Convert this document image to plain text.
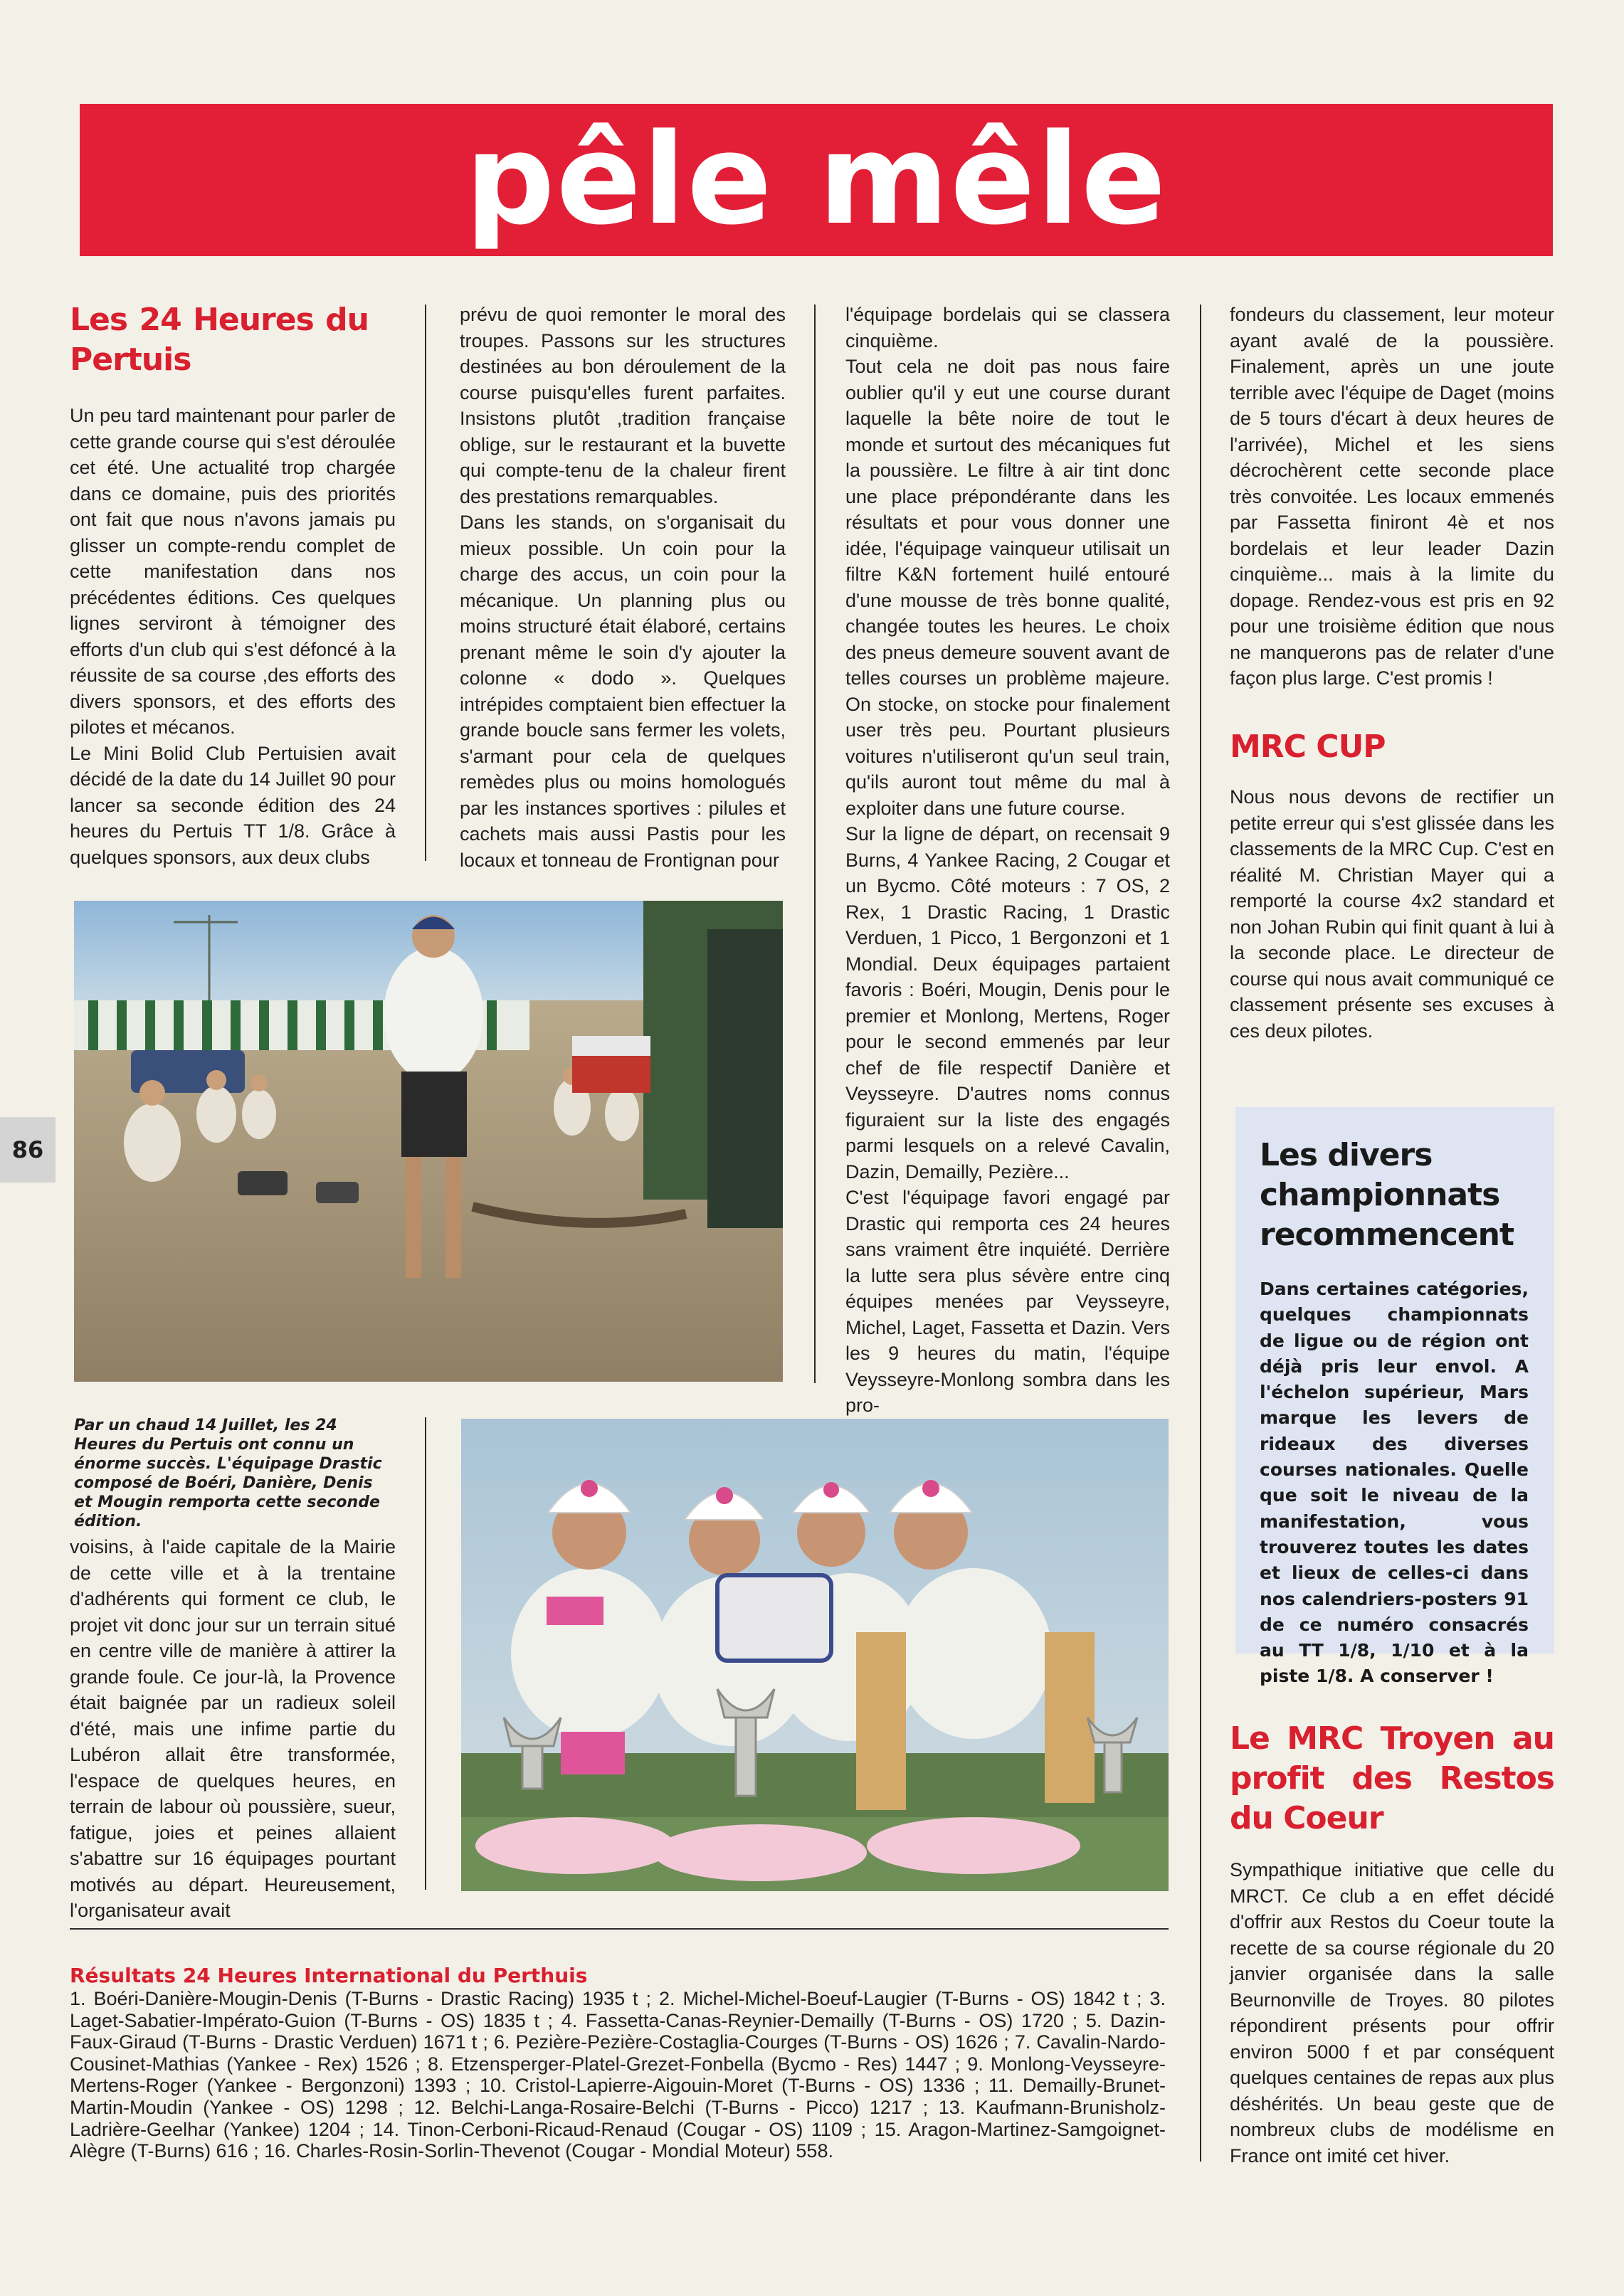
pêle mêle
86
Les 24 Heures du Pertuis

Un peu tard maintenant pour parler de cette grande course qui s'est déroulée cet été. Une actualité trop chargée dans ce domaine, puis des priorités ont fait que nous n'avons jamais pu glisser un compte-rendu complet de cette manifestation dans nos précédentes éditions. Ces quelques lignes serviront à témoigner des efforts d'un club qui s'est défoncé à la réussite de sa course ,des efforts des divers sponsors, et des efforts des pilotes et mécanos.

Le Mini Bolid Club Pertuisien avait décidé de la date du 14 Juillet 90 pour lancer sa seconde édition des 24 heures du Pertuis TT 1/8. Grâce à quelques sponsors, aux deux clubs

prévu de quoi remonter le moral des troupes. Passons sur les structures destinées au bon déroulement de la course puisqu'elles furent parfaites. Insistons plutôt ,tradition française oblige, sur le restaurant et la buvette qui compte-tenu de la chaleur firent des prestations remarquables.

Dans les stands, on s'organisait du mieux possible. Un coin pour la charge des accus, un coin pour la mécanique. Un planning plus ou moins structuré était élaboré, certains prenant même le soin d'y ajouter la colonne « dodo ». Quelques intrépides comptaient bien effectuer la grande boucle sans fermer les volets, s'armant pour cela de quelques remèdes plus ou moins homologués par les instances sportives : pilules et cachets mais aussi Pastis pour les locaux et tonneau de Frontignan pour

l'équipage bordelais qui se classera cinquième.

Tout cela ne doit pas nous faire oublier qu'il y eut une course durant laquelle la bête noire de tout le monde et surtout des mécaniques fut la poussière. Le filtre à air tint donc une place prépondérante dans les résultats et pour vous donner une idée, l'équipage vainqueur utilisait un filtre K&N fortement huilé entouré d'une mousse de très bonne qualité, changée toutes les heures. Le choix des pneus demeure souvent avant de telles courses un problème majeure. On stocke, on stocke pour finalement user très peu. Pourtant plusieurs voitures n'utiliseront qu'un seul train, qu'ils auront tout même du mal à exploiter dans une future course.

Sur la ligne de départ, on recensait 9 Burns, 4 Yankee Racing, 2 Cougar et un Bycmo. Côté moteurs : 7 OS, 2 Rex, 1 Drastic Racing, 1 Drastic Verduen, 1 Picco, 1 Bergonzoni et 1 Mondial. Deux équipages partaient favoris : Boéri, Mougin, Denis pour le premier et Monlong, Mertens, Roger pour le second emmenés par leur chef de file respectif Danière et Veysseyre. D'autres noms connus figuraient sur la liste des engagés parmi lesquels on a relevé Cavalin, Dazin, Demailly, Pezière...

C'est l'équipage favori engagé par Drastic qui remporta ces 24 heures sans vraiment être inquiété. Derrière la lutte sera plus sévère entre cinq équipes menées par Veysseyre, Michel, Laget, Fassetta et Dazin. Vers les 9 heures du matin, l'équipe Veysseyre-Monlong sombra dans les pro-

fondeurs du classement, leur moteur ayant avalé de la poussière. Finalement, après un une joute terrible avec l'équipe de Daget (moins de 5 tours d'écart à deux heures de l'arrivée), Michel et les siens décrochèrent cette seconde place très convoitée. Les locaux emmenés par Fassetta finiront 4è et nos bordelais et leur leader Dazin cinquième... mais à la limite du dopage. Rendez-vous est pris en 92 pour une troisième édition que nous ne manquerons pas de relater d'une façon plus large. C'est promis !

MRC CUP

Nous nous devons de rectifier un petite erreur qui s'est glissée dans les classements de la MRC Cup. C'est en réalité M. Christian Mayer qui a remporté la course 4x2 standard et non Johan Rubin qui finit quant à lui à la seconde place. Le directeur de course qui nous avait communiqué ce classement présente ses excuses à ces deux pilotes.

Par un chaud 14 Juillet, les 24 Heures du Pertuis ont connu un énorme succès. L'équipage Drastic composé de Boéri, Danière, Denis et Mougin remporta cette seconde édition.

voisins, à l'aide capitale de la Mairie de cette ville et à la trentaine d'adhérents qui forment ce club, le projet vit donc jour sur un terrain situé en centre ville de manière à attirer la grande foule. Ce jour-là, la Provence était baignée par un radieux soleil d'été, mais une infime partie du Lubéron allait être transformée, l'espace de quelques heures, en terrain de labour où poussière, sueur, fatigue, joies et peines allaient s'abattre sur 16 équipages pourtant motivés au départ. Heureusement, l'organisateur avait

Résultats 24 Heures International du Perthuis

1. Boéri-Danière-Mougin-Denis (T-Burns - Drastic Racing) 1935 t ; 2. Michel-Michel-Boeuf-Laugier (T-Burns - OS) 1842 t ; 3. Laget-Sabatier-Impérato-Guion (T-Burns - OS) 1835 t ; 4. Fassetta-Canas-Reynier-Demailly (T-Burns - OS) 1720 ; 5. Dazin-Faux-Giraud (T-Burns - Drastic Verduen) 1671 t ; 6. Pezière-Pezière-Costaglia-Courges (T-Burns - OS) 1626 ; 7. Cavalin-Nardo-Cousinet-Mathias (Yankee - Rex) 1526 ; 8. Etzensperger-Platel-Grezet-Fonbella (Bycmo - Res) 1447 ; 9. Monlong-Veysseyre-Mertens-Roger (Yankee - Bergonzoni) 1393 ; 10. Cristol-Lapierre-Aigouin-Moret (T-Burns - OS) 1336 ; 11. Demailly-Brunet-Martin-Moudin (Yankee - OS) 1298 ; 12. Belchi-Langa-Rosaire-Belchi (T-Burns - Picco) 1217 ; 13. Kaufmann-Brunisholz-Ladrière-Geelhar (Yankee) 1204 ; 14. Tinon-Cerboni-Ricaud-Renaud (Cougar - OS) 1109 ; 15. Aragon-Martinez-Samgoignet-Alègre (T-Burns) 616 ; 16. Charles-Rosin-Sorlin-Thevenot (Cougar - Mondial Moteur) 558.

Les divers championnats recommencent

Dans certaines catégories, quelques championnats de ligue ou de région ont déjà pris leur envol. A l'échelon supérieur, Mars marque les levers de rideaux des diverses courses nationales. Quelle que soit le niveau de la manifestation, vous trouverez toutes les dates et lieux de celles-ci dans nos calendriers-posters 91 de ce numéro consacrés au TT 1/8, 1/10 et à la piste 1/8. A conserver !

Le MRC Troyen au profit des Restos du Coeur

Sympathique initiative que celle du MRCT. Ce club a en effet décidé d'offrir aux Restos du Coeur toute la recette de sa course régionale du 20 janvier organisée dans la salle Beurnonville de Troyes. 80 pilotes répondirent présents pour offrir environ 5000 f et par conséquent quelques centaines de repas aux plus déshérités. Un beau geste que de nombreux clubs de modélisme en France ont imité cet hiver.
